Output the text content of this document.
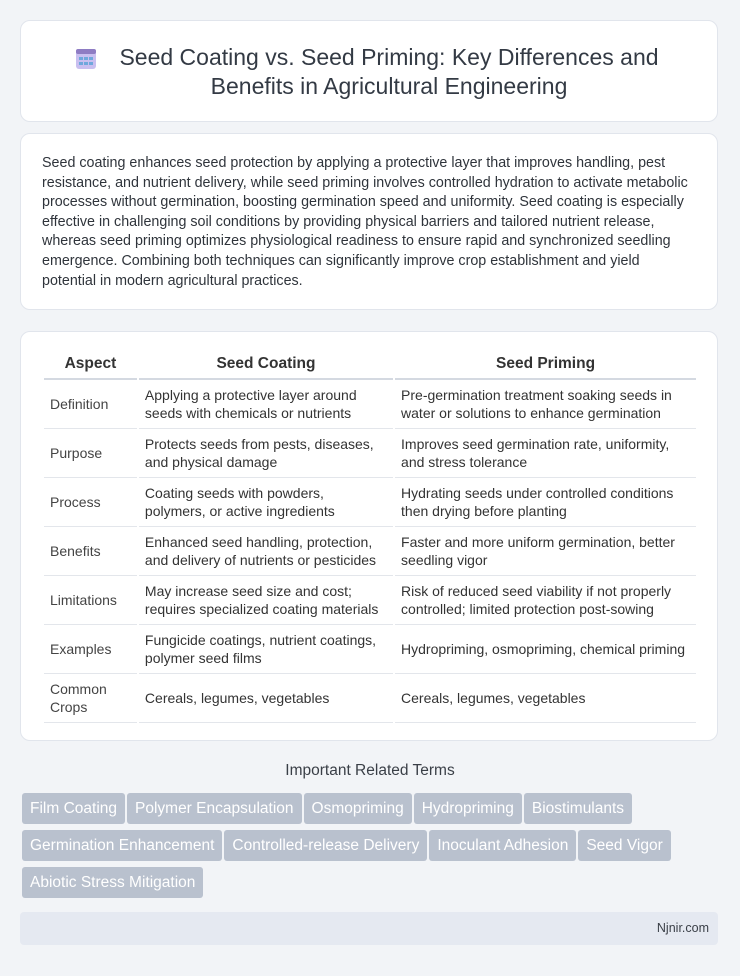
Seed Coating vs. Seed Priming: Key Differences and Benefits in Agricultural Engineering
Seed coating enhances seed protection by applying a protective layer that improves handling, pest resistance, and nutrient delivery, while seed priming involves controlled hydration to activate metabolic processes without germination, boosting germination speed and uniformity. Seed coating is especially effective in challenging soil conditions by providing physical barriers and tailored nutrient release, whereas seed priming optimizes physiological readiness to ensure rapid and synchronized seedling emergence. Combining both techniques can significantly improve crop establishment and yield potential in modern agricultural practices.
Aspect	Seed Coating	Seed Priming
Definition	Applying a protective layer around seeds with chemicals or nutrients	Pre-germination treatment soaking seeds in water or solutions to enhance germination
Purpose	Protects seeds from pests, diseases, and physical damage	Improves seed germination rate, uniformity, and stress tolerance
Process	Coating seeds with powders, polymers, or active ingredients	Hydrating seeds under controlled conditions then drying before planting
Benefits	Enhanced seed handling, protection, and delivery of nutrients or pesticides	Faster and more uniform germination, better seedling vigor
Limitations	May increase seed size and cost; requires specialized coating materials	Risk of reduced seed viability if not properly controlled; limited protection post-sowing
Examples	Fungicide coatings, nutrient coatings, polymer seed films	Hydropriming, osmopriming, chemical priming
Common Crops	Cereals, legumes, vegetables	Cereals, legumes, vegetables
Important Related Terms
Film Coating Polymer Encapsulation Osmopriming Hydropriming BiostimulantsGermination Enhancement Controlled-release Delivery Inoculant Adhesion Seed VigorAbiotic Stress Mitigation
Njnir.com
